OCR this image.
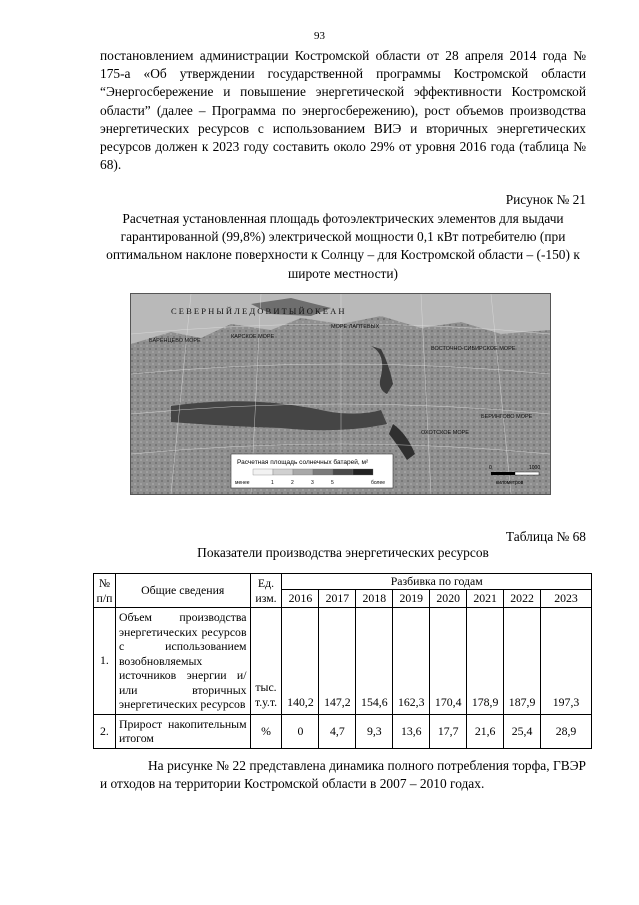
93
постановлением администрации Костромской области от 28 апреля 2014 года № 175-а «Об утверждении государственной программы Костромской области “Энергосбережение и повышение энергетической эффективности Костромской области” (далее – Программа по энергосбережению), рост объемов производства энергетических ресурсов с использованием ВИЭ и вторичных энергетических ресурсов должен к 2023 году составить около 29% от уровня 2016 года (таблица № 68).
Рисунок № 21
Расчетная установленная площадь фотоэлектрических элементов для выдачи гарантированной (99,8%) электрической мощности 0,1 кВт потребителю (при оптимальном наклоне поверхности к Солнцу – для Костромской области – (-150) к широте местности)
С Е В Е Р Н Ы Й Л Е Д О В И Т Ы Й О К Е А Н
БАРЕНЦЕВО МОРЕ
КАРСКОЕ МОРЕ
МОРЕ ЛАПТЕВЫХ
ВОСТОЧНО-СИБИРСКОЕ МОРЕ
ОХОТСКОЕ МОРЕ
БЕРИНГОВО МОРЕ
Расчетная площадь солнечных батарей, м²
менее	1	2	3	5	более
0	1000
километров
Таблица № 68
Показатели производства энергетических ресурсов
№ п/п	Общие сведения	Ед. изм.	Разбивка по годам							
			2016	2017	2018	2019	2020	2021	2022	2023
1.	Объем производства энергетических ресурсов с использованием возобновляемых источников энергии и/или вторичных энергетических ресурсов	тыс. т.у.т.	140,2	147,2	154,6	162,3	170,4	178,9	187,9	197,3
2.	Прирост накопительным итогом	%	0	4,7	9,3	13,6	17,7	21,6	25,4	28,9
На рисунке № 22 представлена динамика полного потребления торфа, ГВЭР и отходов на территории Костромской области в 2007 – 2010 годах.
